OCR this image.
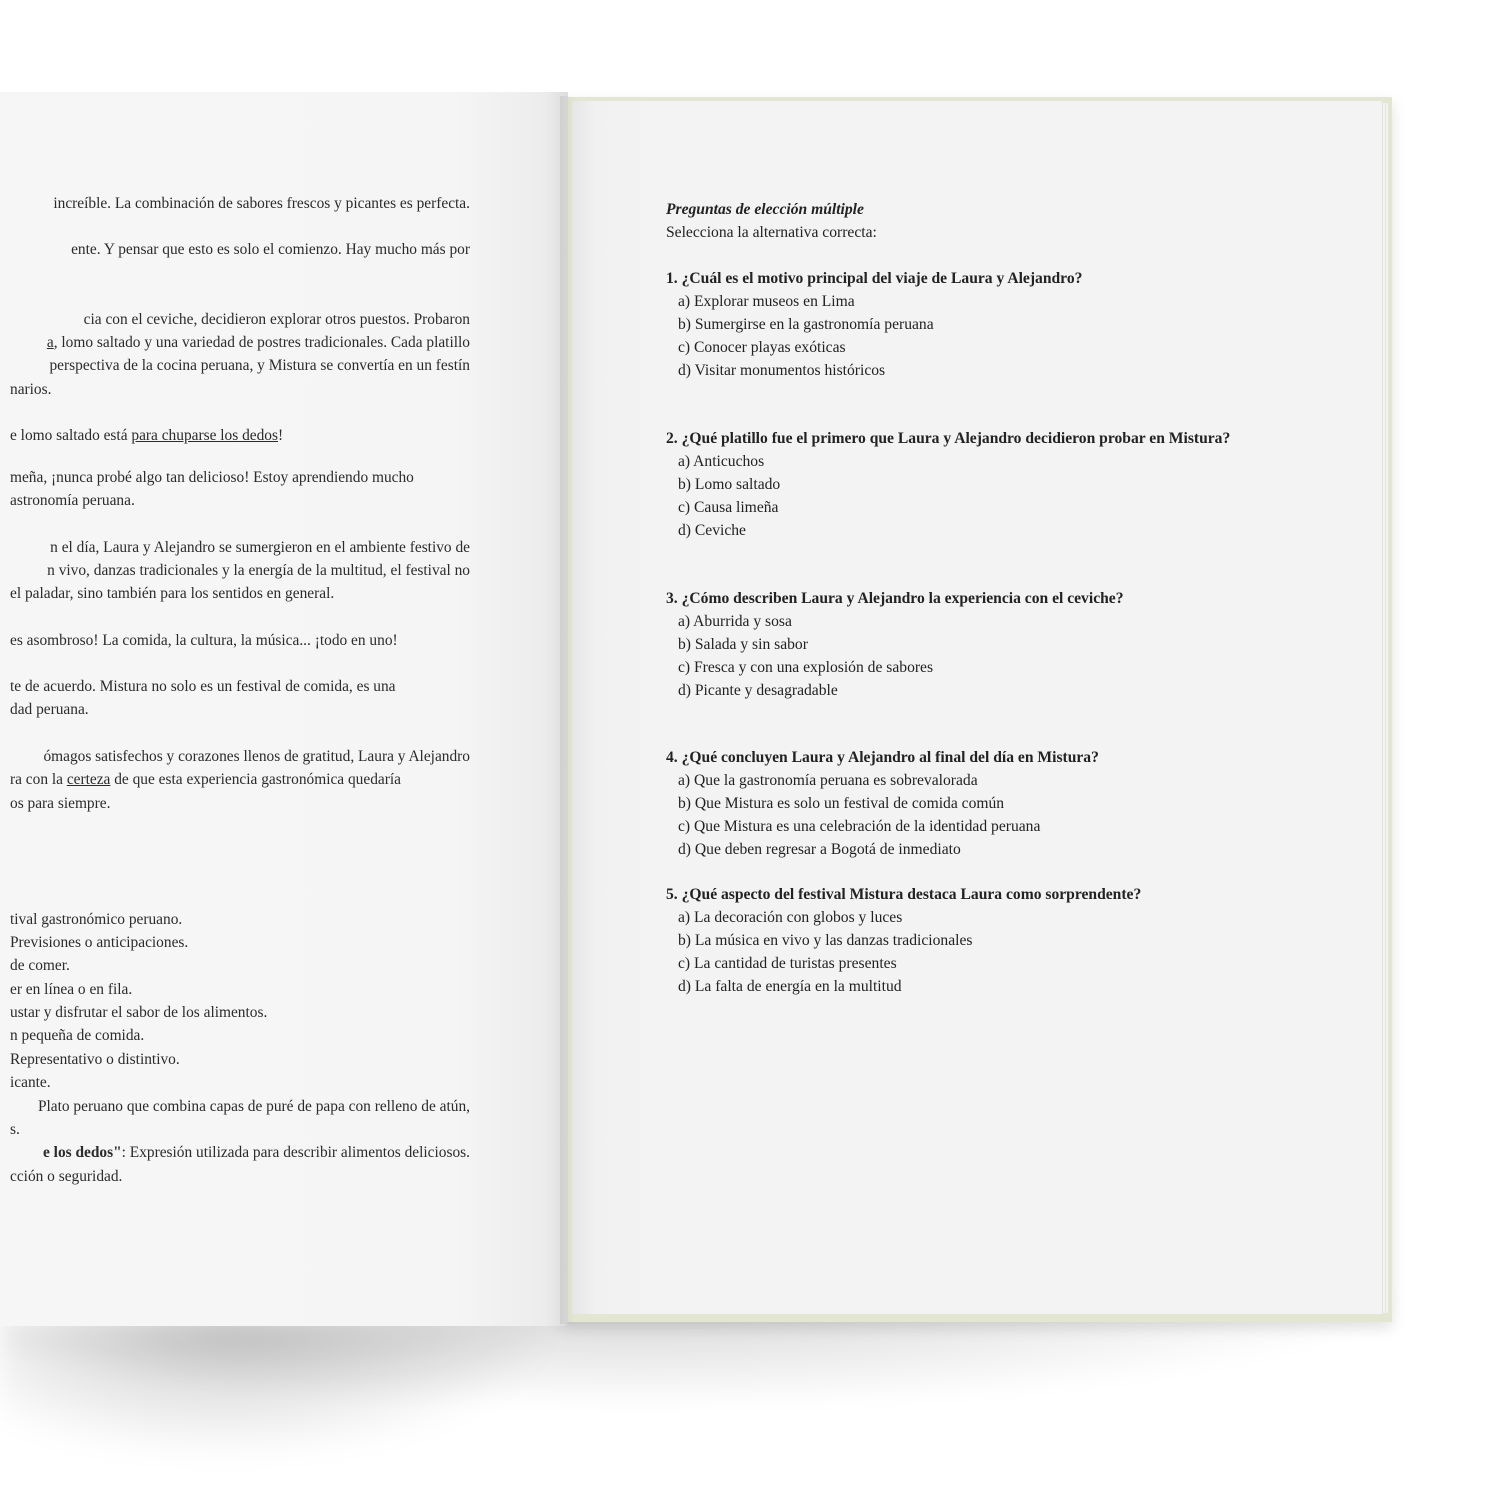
increíble. La combinación de sabores frescos y picantes es perfecta.
ente. Y pensar que esto es solo el comienzo. Hay mucho más por
cia con el ceviche, decidieron explorar otros puestos. Probaron
a, lomo saltado y una variedad de postres tradicionales. Cada platillo
perspectiva de la cocina peruana, y Mistura se convertía en un festín
narios.
e lomo saltado está para chuparse los dedos!
meña, ¡nunca probé algo tan delicioso! Estoy aprendiendo mucho
astronomía peruana.
n el día, Laura y Alejandro se sumergieron en el ambiente festivo de
n vivo, danzas tradicionales y la energía de la multitud, el festival no
el paladar, sino también para los sentidos en general.
es asombroso! La comida, la cultura, la música... ¡todo en uno!
te de acuerdo. Mistura no solo es un festival de comida, es una
dad peruana.
ómagos satisfechos y corazones llenos de gratitud, Laura y Alejandro
ra con la certeza de que esta experiencia gastronómica quedaría
os para siempre.
tival gastronómico peruano.
Previsiones o anticipaciones.
de comer.
er en línea o en fila.
ustar y disfrutar el sabor de los alimentos.
n pequeña de comida.
Representativo o distintivo.
icante.
Plato peruano que combina capas de puré de papa con relleno de atún,
s.
e los dedos": Expresión utilizada para describir alimentos deliciosos.
cción o seguridad.
Preguntas de elección múltiple
Selecciona la alternativa correcta:
1. ¿Cuál es el motivo principal del viaje de Laura y Alejandro?
a) Explorar museos en Lima
b) Sumergirse en la gastronomía peruana
c) Conocer playas exóticas
d) Visitar monumentos históricos
2. ¿Qué platillo fue el primero que Laura y Alejandro decidieron probar en Mistura?
a) Anticuchos
b) Lomo saltado
c) Causa limeña
d) Ceviche
3. ¿Cómo describen Laura y Alejandro la experiencia con el ceviche?
a) Aburrida y sosa
b) Salada y sin sabor
c) Fresca y con una explosión de sabores
d) Picante y desagradable
4. ¿Qué concluyen Laura y Alejandro al final del día en Mistura?
a) Que la gastronomía peruana es sobrevalorada
b) Que Mistura es solo un festival de comida común
c) Que Mistura es una celebración de la identidad peruana
d) Que deben regresar a Bogotá de inmediato
5. ¿Qué aspecto del festival Mistura destaca Laura como sorprendente?
a) La decoración con globos y luces
b) La música en vivo y las danzas tradicionales
c) La cantidad de turistas presentes
d) La falta de energía en la multitud
